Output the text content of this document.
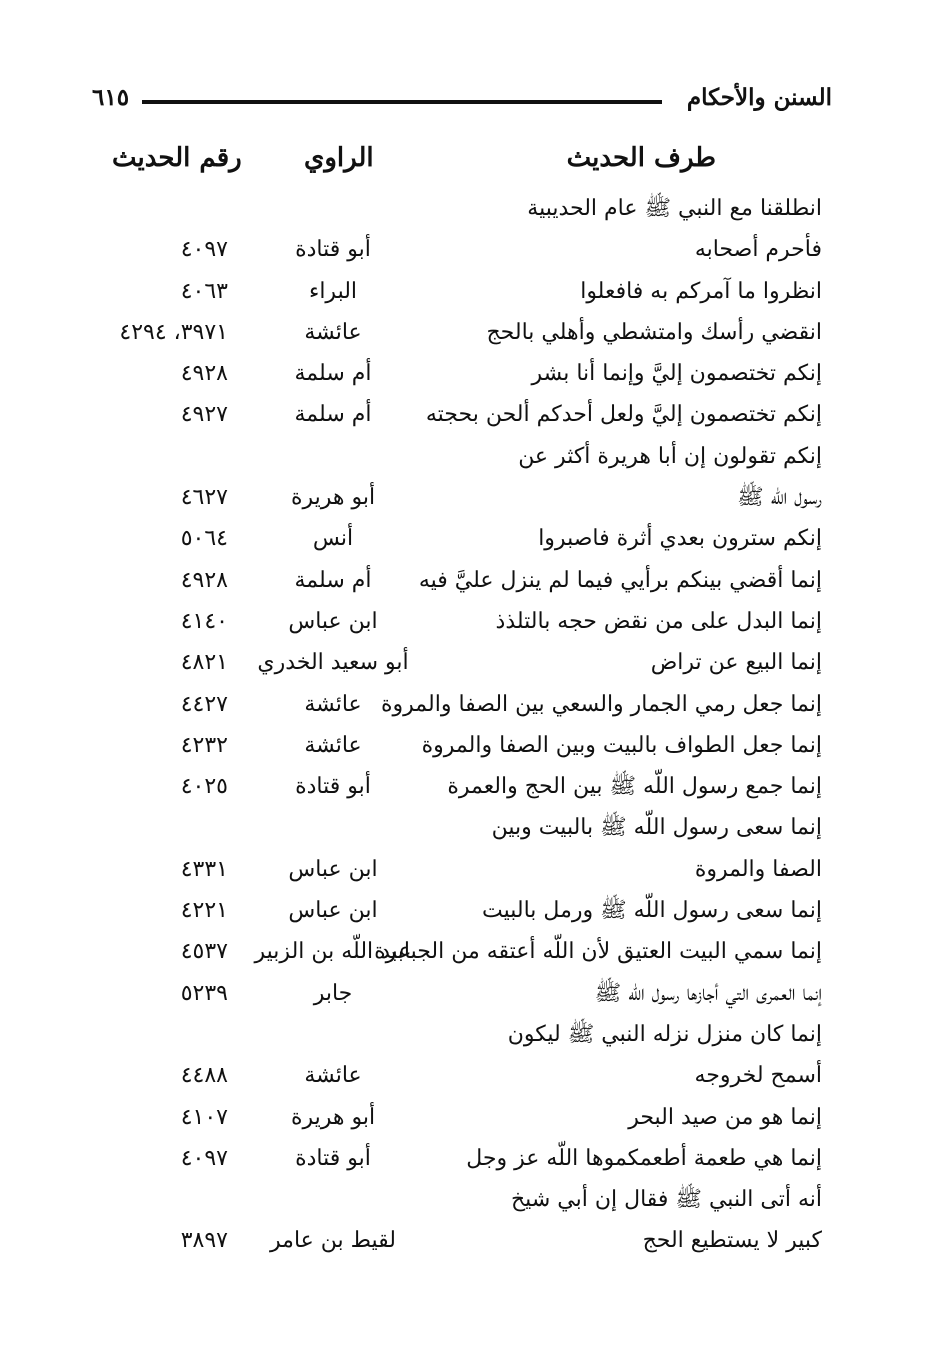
السنن والأحكام
٦١٥
طرف الحديث
الراوي
رقم الحديث
انطلقنا مع النبي ﷺ عام الحديبية
فأحرم أصحابه
أبو قتادة
٤٠٩٧
انظروا ما آمركم به فافعلوا
البراء
٤٠٦٣
انقضي رأسك وامتشطي وأهلي بالحج
عائشة
٣٩٧١، ٤٢٩٤
إنكم تختصمون إليَّ وإنما أنا بشر
أم سلمة
٤٩٢٨
إنكم تختصمون إليَّ ولعل أحدكم ألحن بحجته
أم سلمة
٤٩٢٧
إنكم تقولون إن أبا هريرة أكثر عن
رسول اللّه ﷺ
أبو هريرة
٤٦٢٧
إنكم سترون بعدي أثرة فاصبروا
أنس
٥٠٦٤
إنما أقضي بينكم برأيي فيما لم ينزل عليَّ فيه
أم سلمة
٤٩٢٨
إنما البدل على من نقض حجه بالتلذذ
ابن عباس
٤١٤٠
إنما البيع عن تراض
أبو سعيد الخدري
٤٨٢١
إنما جعل رمي الجمار والسعي بين الصفا والمروة
عائشة
٤٤٢٧
إنما جعل الطواف بالبيت وبين الصفا والمروة
عائشة
٤٢٣٢
إنما جمع رسول اللّه ﷺ بين الحج والعمرة
أبو قتادة
٤٠٢٥
إنما سعى رسول اللّه ﷺ بالبيت وبين
الصفا والمروة
ابن عباس
٤٣٣١
إنما سعى رسول اللّه ﷺ ورمل بالبيت
ابن عباس
٤٢٢١
إنما سمي البيت العتيق لأن اللّه أعتقه من الجبابرة
عبد اللّه بن الزبير
٤٥٣٧
إنما العمرى التي أجازها رسول اللّه ﷺ
جابر
٥٢٣٩
إنما كان منزل نزله النبي ﷺ ليكون
أسمح لخروجه
عائشة
٤٤٨٨
إنما هو من صيد البحر
أبو هريرة
٤١٠٧
إنما هي طعمة أطعمكموها اللّه عز وجل
أبو قتادة
٤٠٩٧
أنه أتى النبي ﷺ فقال إن أبي شيخ
كبير لا يستطيع الحج
لقيط بن عامر
٣٨٩٧
